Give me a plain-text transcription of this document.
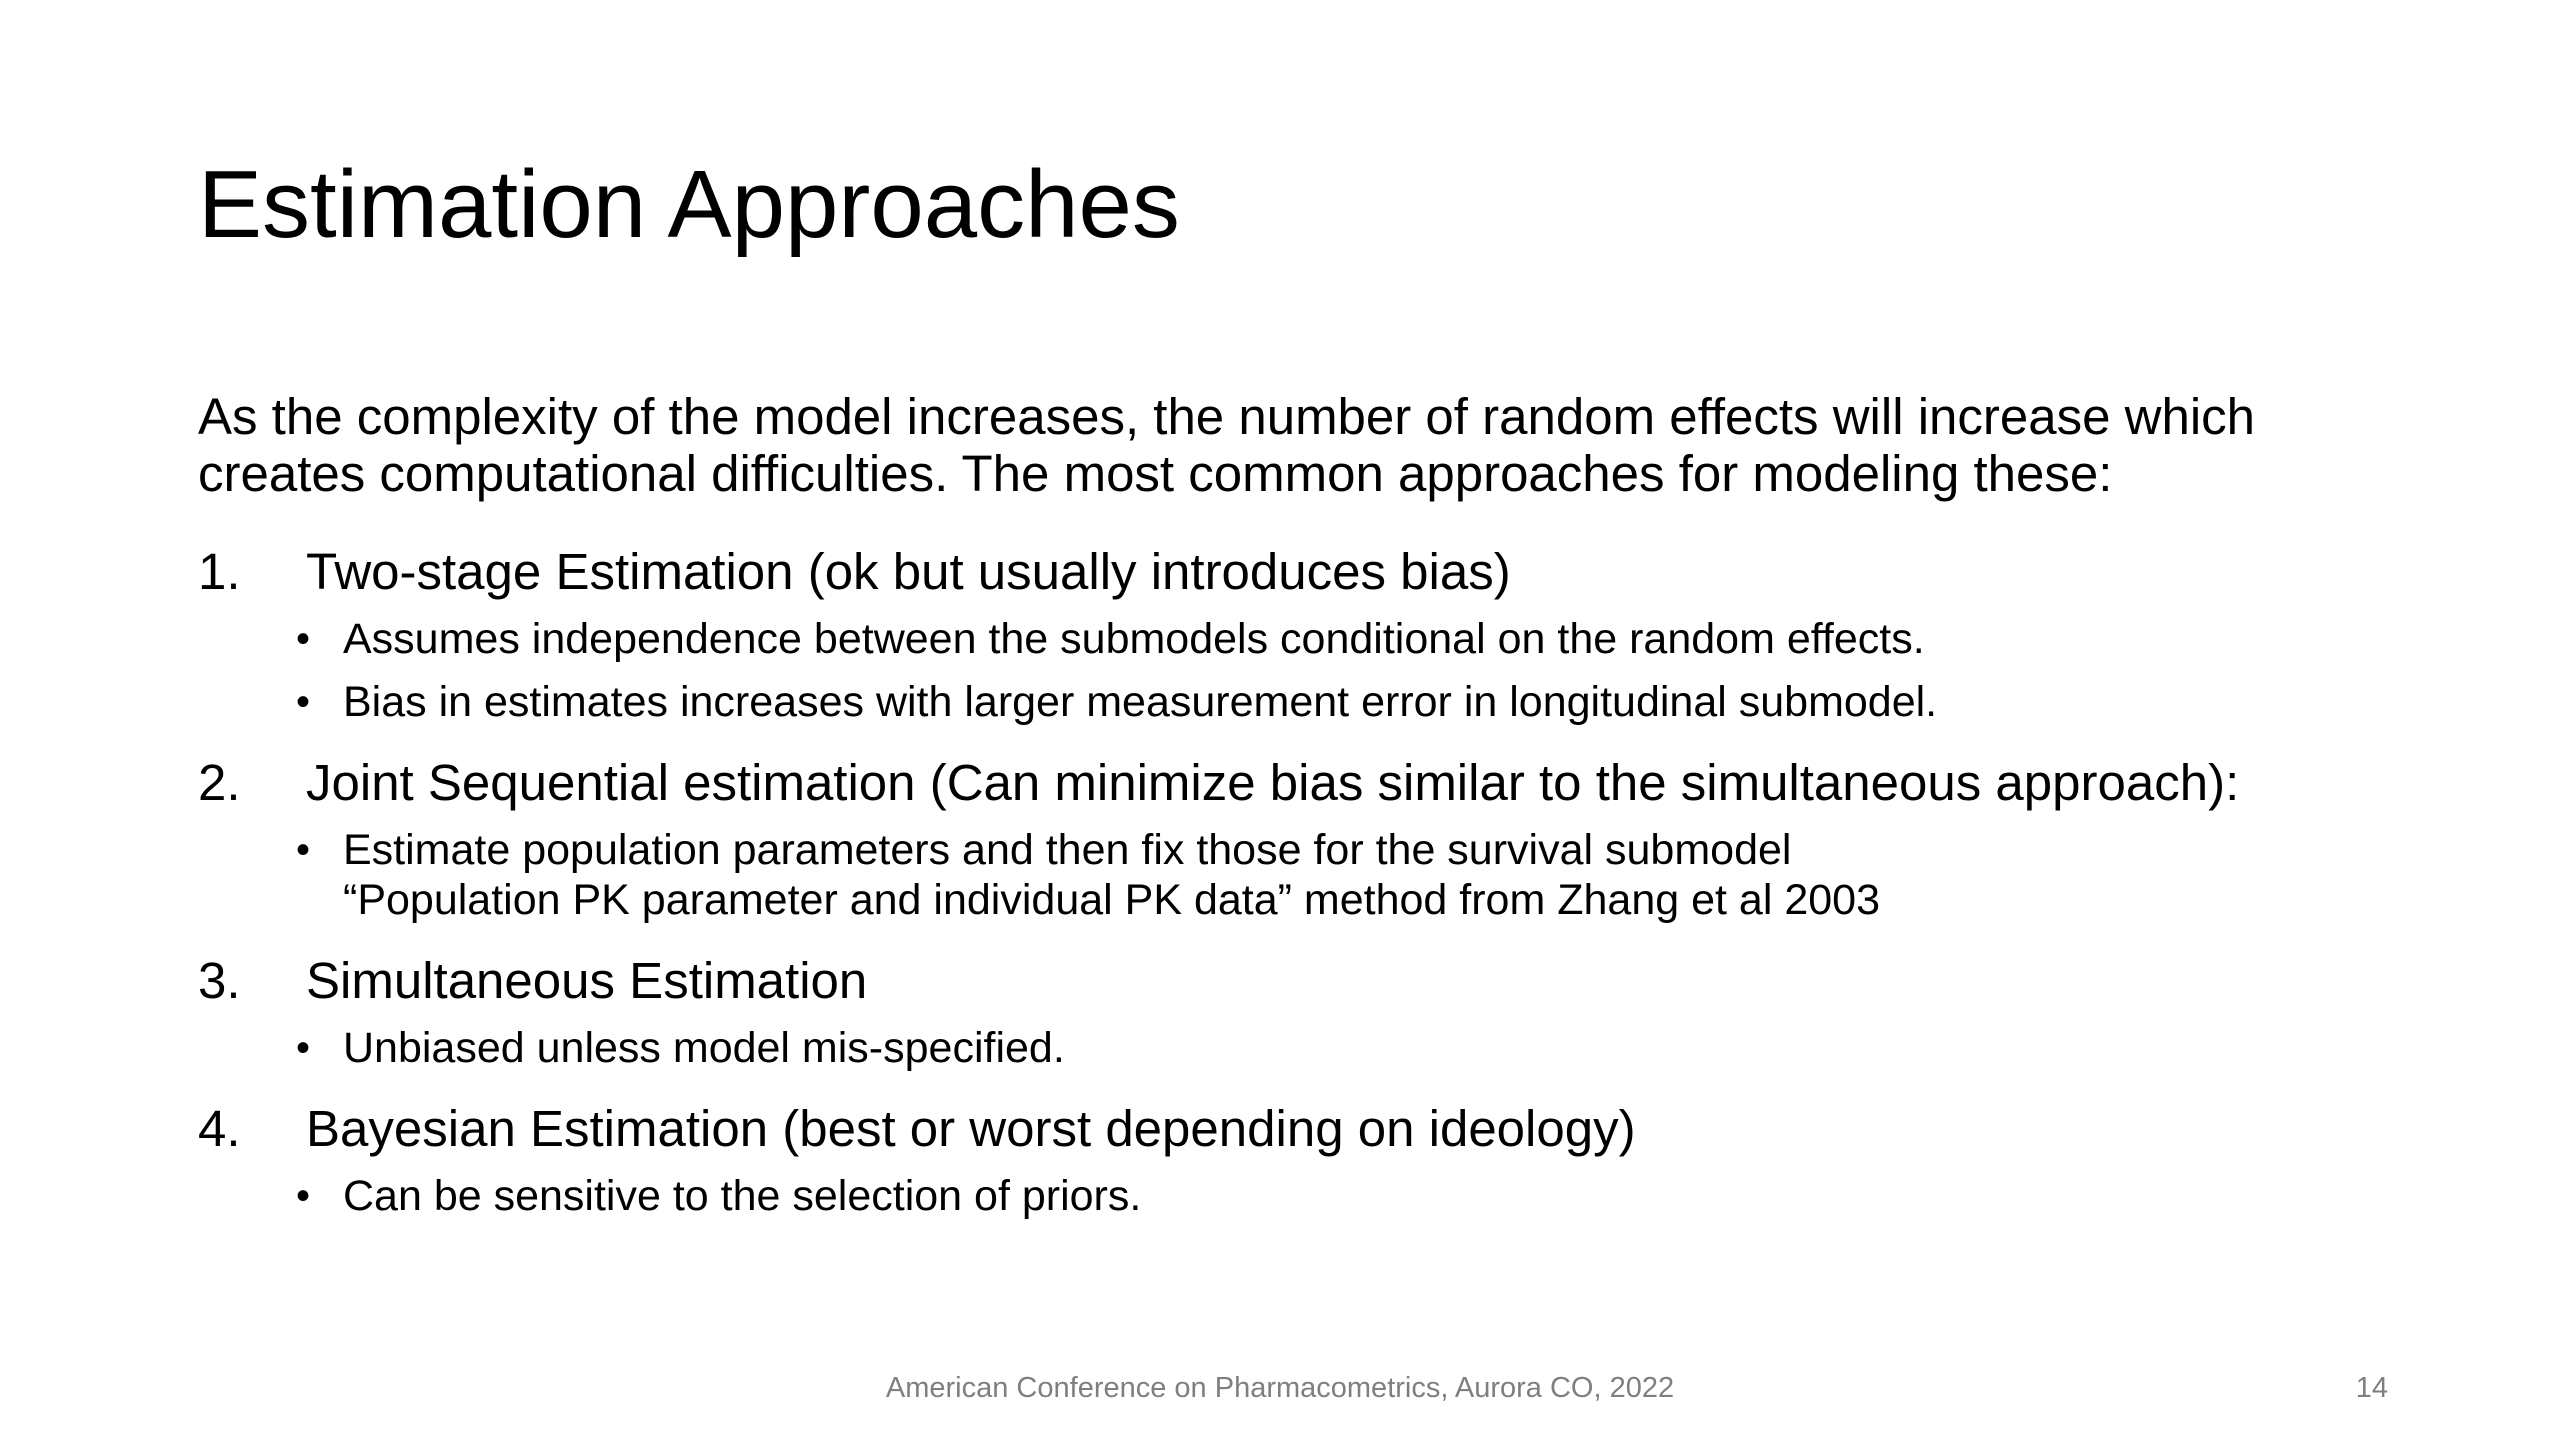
Estimation Approaches

As the complexity of the model increases, the number of random effects will increase which creates computational difficulties. The most common approaches for modeling these:

1.	Two-stage Estimation (ok but usually introduces bias)
• Assumes independence between the submodels conditional on the random effects.
• Bias in estimates increases with larger measurement error in longitudinal submodel.
2.	Joint Sequential estimation (Can minimize bias similar to the simultaneous approach):
• Estimate population parameters and then fix those for the survival submodel
“Population PK parameter and individual PK data” method from Zhang et al 2003
3.	Simultaneous Estimation
• Unbiased unless model mis-specified.
4.	Bayesian Estimation (best or worst depending on ideology)
• Can be sensitive to the selection of priors.
American Conference on Pharmacometrics, Aurora CO, 2022	14
